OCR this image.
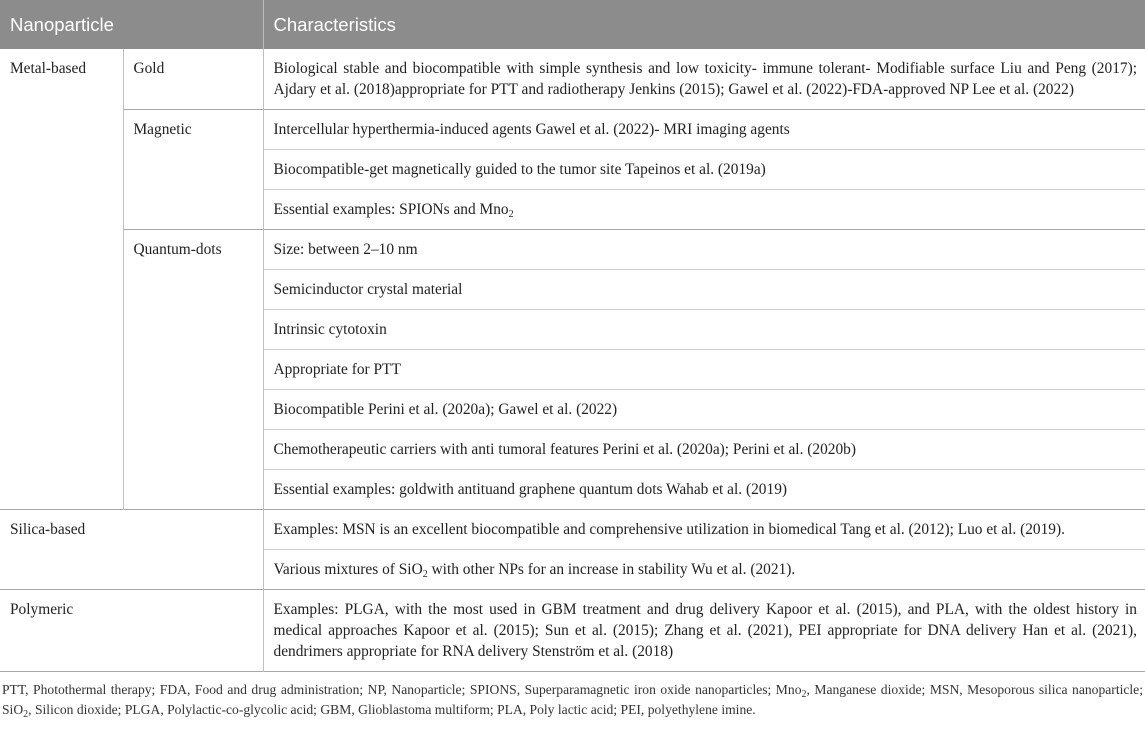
Nanoparticle		Characteristics
Metal-based	Gold	Biological stable and biocompatible with simple synthesis and low toxicity- immune tolerant- Modifiable surface Liu and Peng (2017); Ajdary et al. (2018)appropriate for PTT and radiotherapy Jenkins (2015); Gawel et al. (2022)-FDA-approved NP Lee et al. (2022)
	Magnetic	Intercellular hyperthermia-induced agents Gawel et al. (2022)- MRI imaging agents
		Biocompatible-get magnetically guided to the tumor site Tapeinos et al. (2019a)
		Essential examples: SPIONs and Mno$_2$
	Quantum-dots	Size: between 2–10 nm
		Semicinductor crystal material
		Intrinsic cytotoxin
		Appropriate for PTT
		Biocompatible Perini et al. (2020a); Gawel et al. (2022)
		Chemotherapeutic carriers with anti tumoral features Perini et al. (2020a); Perini et al. (2020b)
		Essential examples: goldwith antituand graphene quantum dots Wahab et al. (2019)
Silica-based		Examples: MSN is an excellent biocompatible and comprehensive utilization in biomedical Tang et al. (2012); Luo et al. (2019).
		Various mixtures of SiO$_2$ with other NPs for an increase in stability Wu et al. (2021).
Polymeric		Examples: PLGA, with the most used in GBM treatment and drug delivery Kapoor et al. (2015), and PLA, with the oldest history in medical approaches Kapoor et al. (2015); Sun et al. (2015); Zhang et al. (2021), PEI appropriate for DNA delivery Han et al. (2021), dendrimers appropriate for RNA delivery Stenström et al. (2018)
PTT, Photothermal therapy; FDA, Food and drug administration; NP, Nanoparticle; SPIONS, Superparamagnetic iron oxide nanoparticles; Mno$_2$, Manganese dioxide; MSN, Mesoporous silica nanoparticle; SiO$_2$, Silicon dioxide; PLGA, Polylactic-co-glycolic acid; GBM, Glioblastoma multiform; PLA, Poly lactic acid; PEI, polyethylene imine.
